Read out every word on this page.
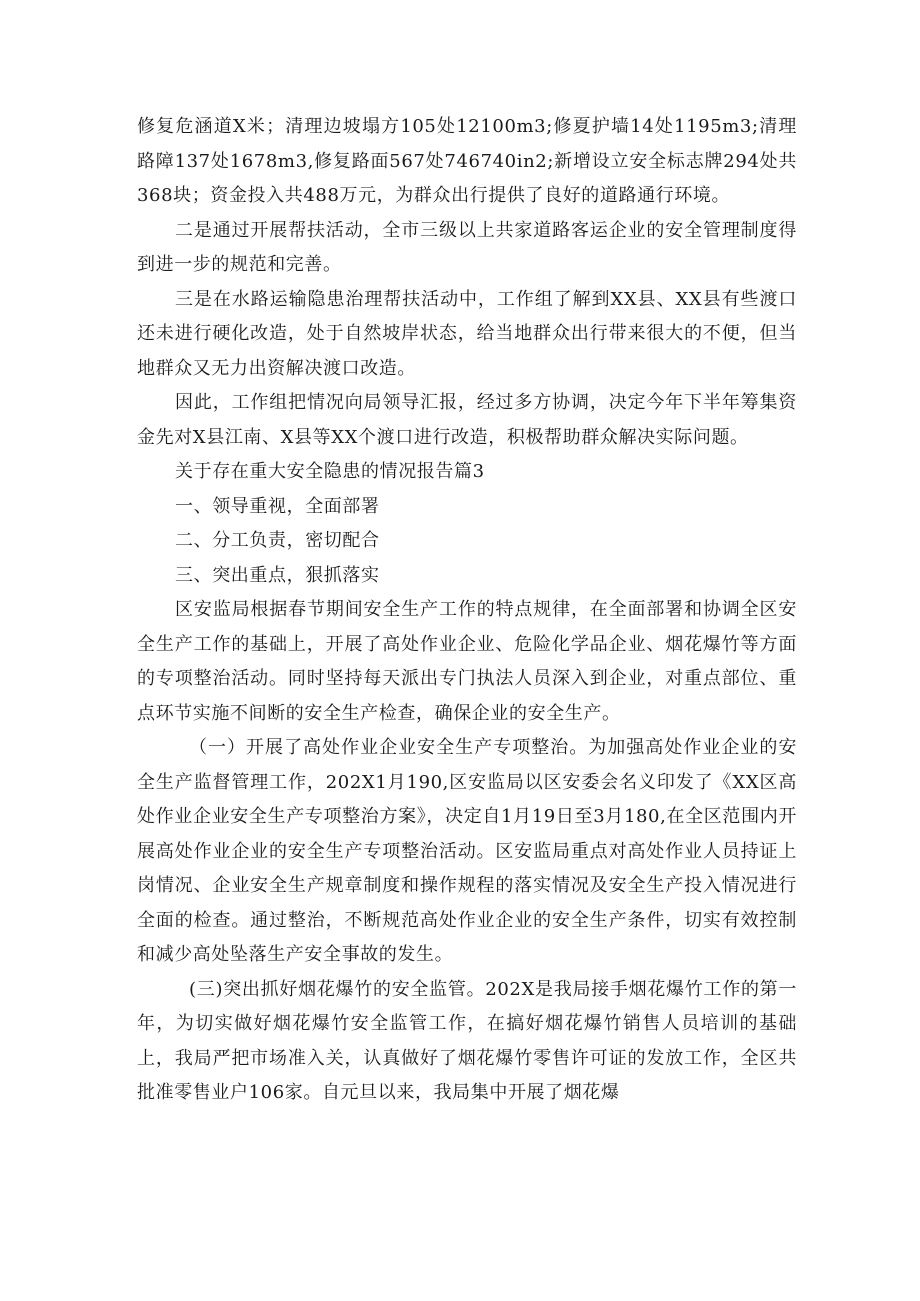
修复危涵道X米；清理边坡塌方105处12100m3;修夏护墙14处1195m3;清理路障137处1678m3,修复路面567处746740in2;新增设立安全标志牌294处共368块；资金投入共488万元，为群众出行提供了良好的道路通行环境。

二是通过开展帮扶活动，全市三级以上共家道路客运企业的安全管理制度得到进一步的规范和完善。

三是在水路运输隐患治理帮扶活动中，工作组了解到XX县、XX县有些渡口还未进行硬化改造，处于自然坡岸状态，给当地群众出行带来很大的不便，但当地群众又无力出资解决渡口改造。

因此，工作组把情况向局领导汇报，经过多方协调，决定今年下半年筹集资金先对X县江南、X县等XX个渡口进行改造，积极帮助群众解决实际问题。

关于存在重大安全隐患的情况报告篇3

一、领导重视，全面部署

二、分工负责，密切配合

三、突出重点，狠抓落实

区安监局根据春节期间安全生产工作的特点规律，在全面部署和协调全区安全生产工作的基础上，开展了高处作业企业、危险化学品企业、烟花爆竹等方面的专项整治活动。同时坚持每天派出专门执法人员深入到企业，对重点部位、重点环节实施不间断的安全生产检查，确保企业的安全生产。

（一）开展了高处作业企业安全生产专项整治。为加强高处作业企业的安全生产监督管理工作，202X1月190,区安监局以区安委会名义印发了《XX区高处作业企业安全生产专项整治方案》，决定自1月19日至3月180,在全区范围内开展高处作业企业的安全生产专项整治活动。区安监局重点对高处作业人员持证上岗情况、企业安全生产规章制度和操作规程的落实情况及安全生产投入情况进行全面的检查。通过整治，不断规范高处作业企业的安全生产条件，切实有效控制和减少高处坠落生产安全事故的发生。

(三)突出抓好烟花爆竹的安全监管。202X是我局接手烟花爆竹工作的第一年，为切实做好烟花爆竹安全监管工作，在搞好烟花爆竹销售人员培训的基础上，我局严把市场准入关，认真做好了烟花爆竹零售许可证的发放工作，全区共批准零售业户106家。自元旦以来，我局集中开展了烟花爆
